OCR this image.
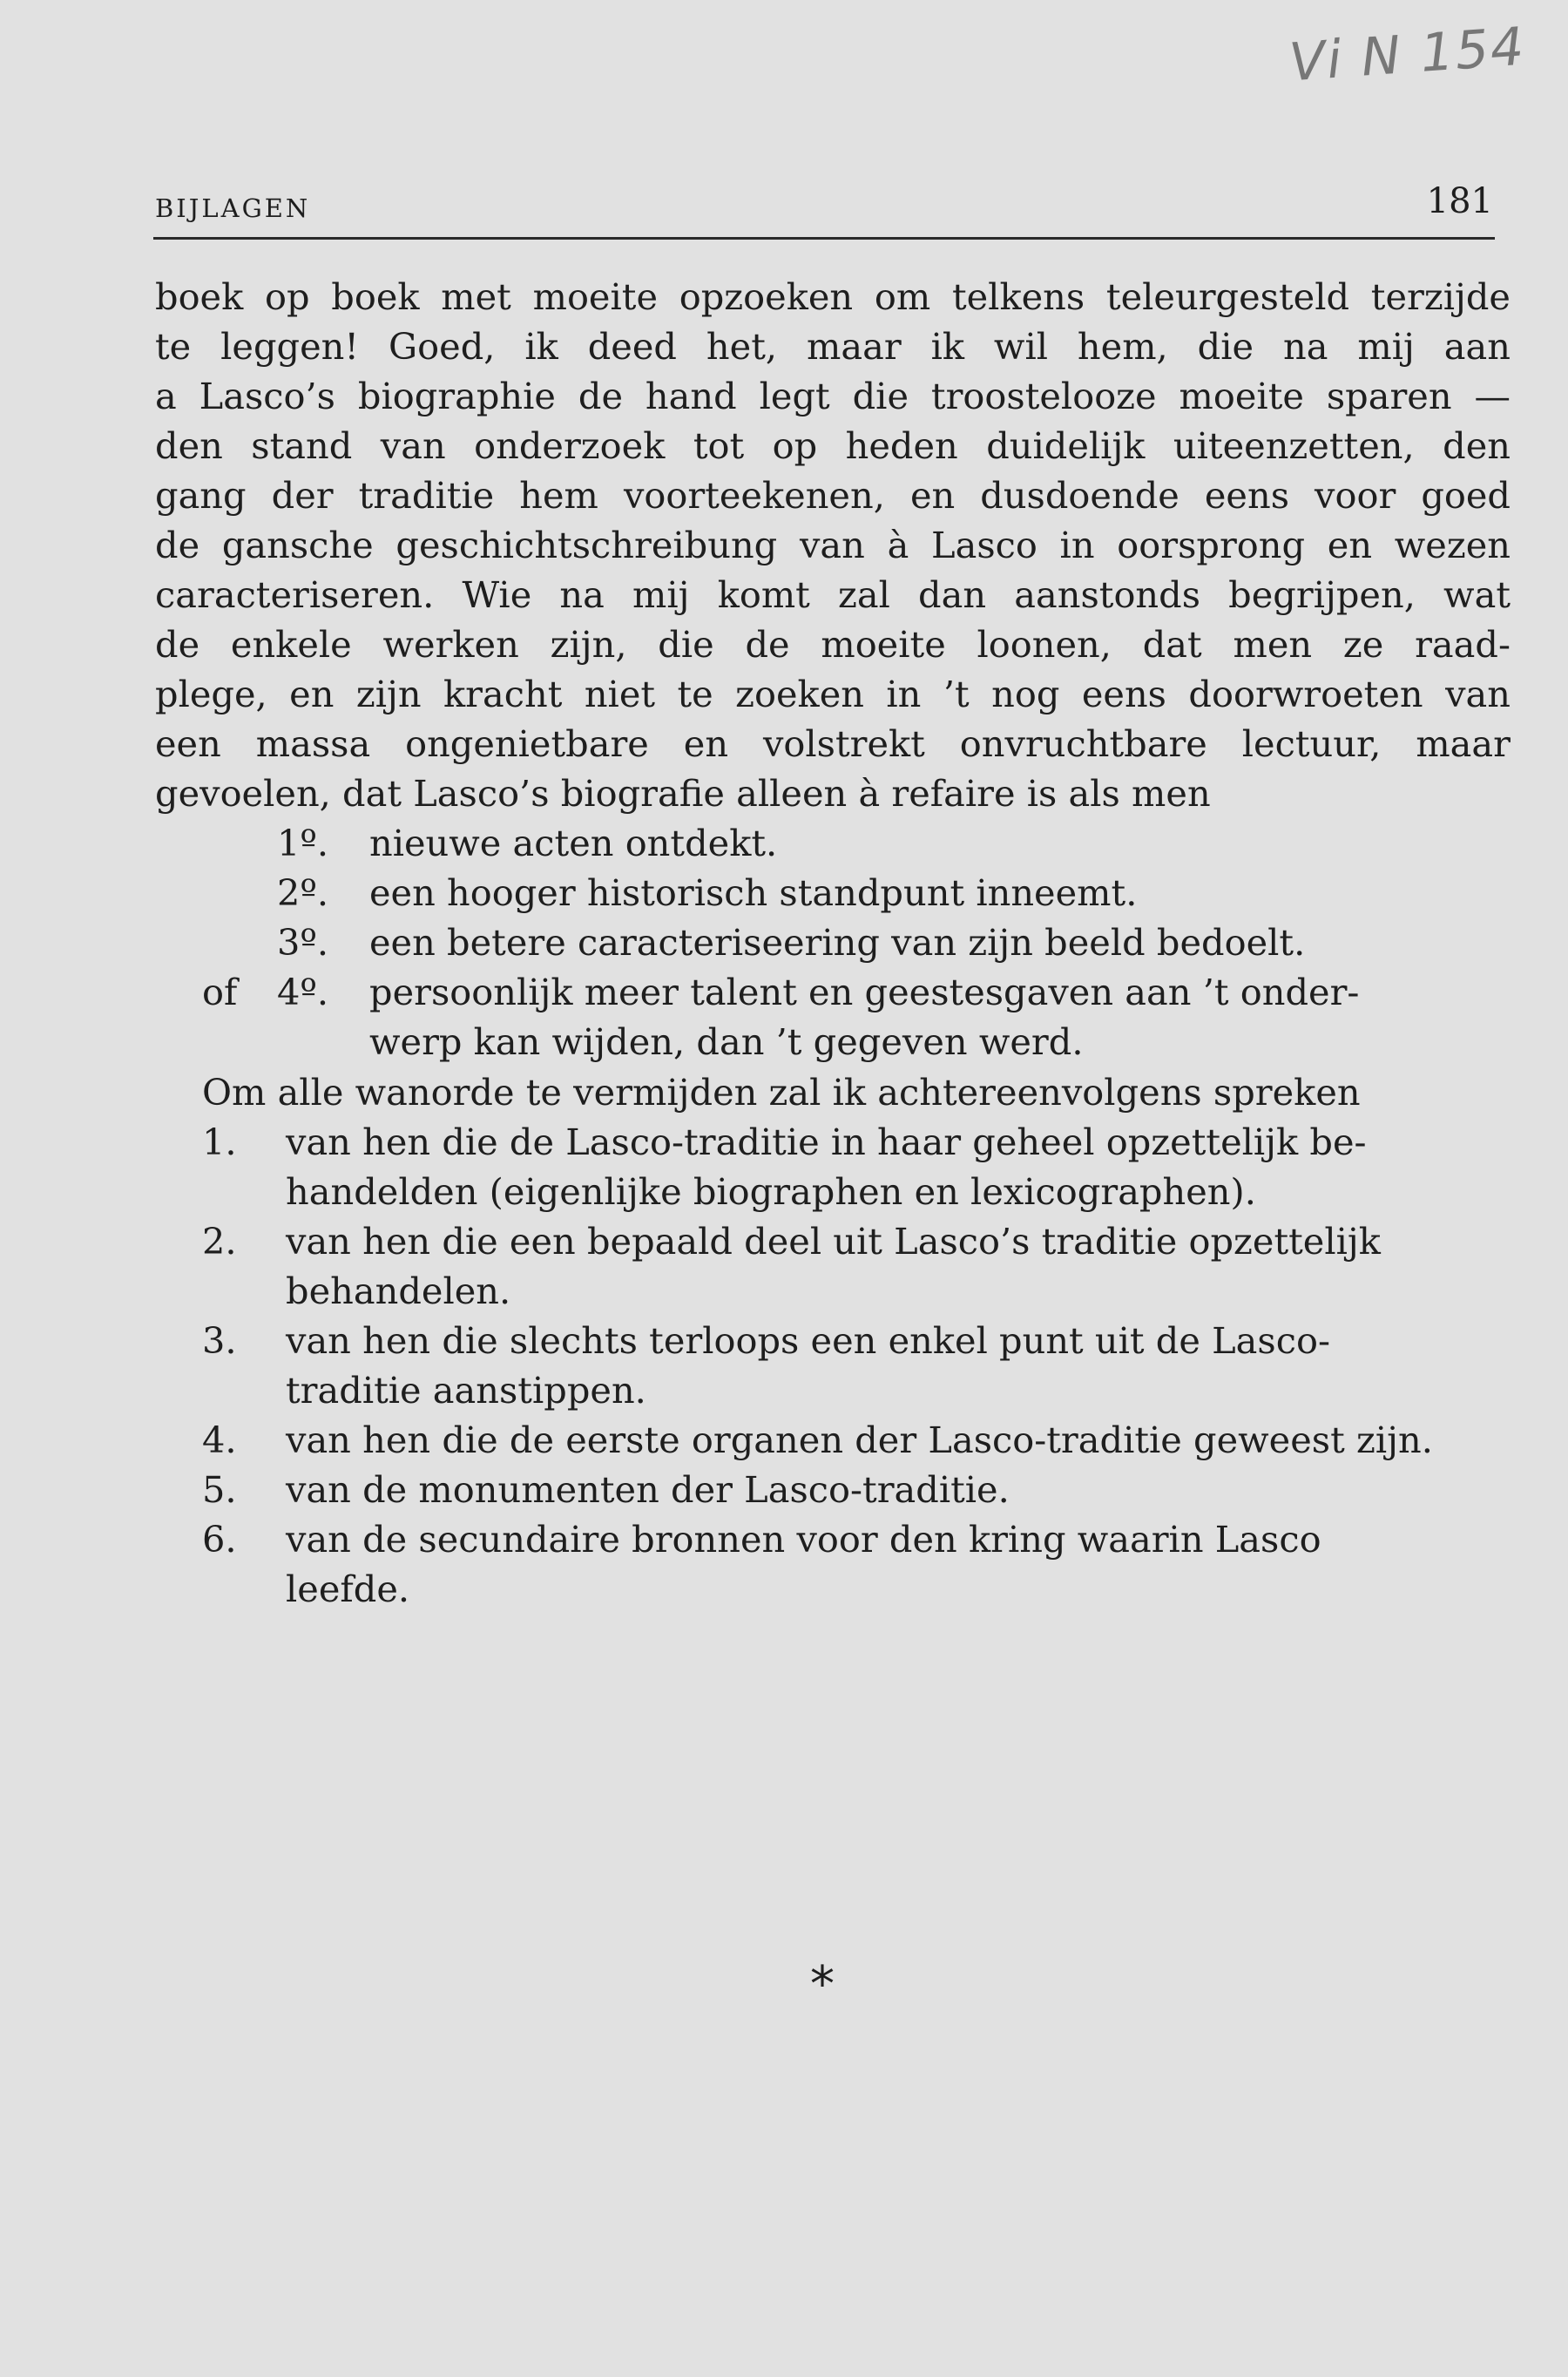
Vi N 154
BIJLAGEN	181
boek op boek met moeite opzoeken om telkens teleurgesteld terzijde
te leggen! Goed, ik deed het, maar ik wil hem, die na mij aan
a Lasco’s biographie de hand legt die troostelooze moeite sparen —
den stand van onderzoek tot op heden duidelijk uiteenzetten, den
gang der traditie hem voorteekenen, en dusdoende eens voor goed
de gansche geschichtschreibung van à Lasco in oorsprong en wezen
caracteriseren. Wie na mij komt zal dan aanstonds begrijpen, wat
de enkele werken zijn, die de moeite loonen, dat men ze raad-
plege, en zijn kracht niet te zoeken in ’t nog eens doorwroeten van
een massa ongenietbare en volstrekt onvruchtbare lectuur, maar
gevoelen, dat Lasco’s biografie alleen à refaire is als men
1º. nieuwe acten ontdekt.
2º. een hooger historisch standpunt inneemt.
3º. een betere caracteriseering van zijn beeld bedoelt.
of 4º. persoonlijk meer talent en geestesgaven aan ’t onder-
werp kan wijden, dan ’t gegeven werd.
Om alle wanorde te vermijden zal ik achtereenvolgens spreken
1. van hen die de Lasco-traditie in haar geheel opzettelijk be-
handelden (eigenlijke biographen en lexicographen).
2. van hen die een bepaald deel uit Lasco’s traditie opzettelijk
behandelen.
3. van hen die slechts terloops een enkel punt uit de Lasco-
traditie aanstippen.
4. van hen die de eerste organen der Lasco-traditie geweest zijn.
5. van de monumenten der Lasco-traditie.
6. van de secundaire bronnen voor den kring waarin Lasco
leefde.
*
